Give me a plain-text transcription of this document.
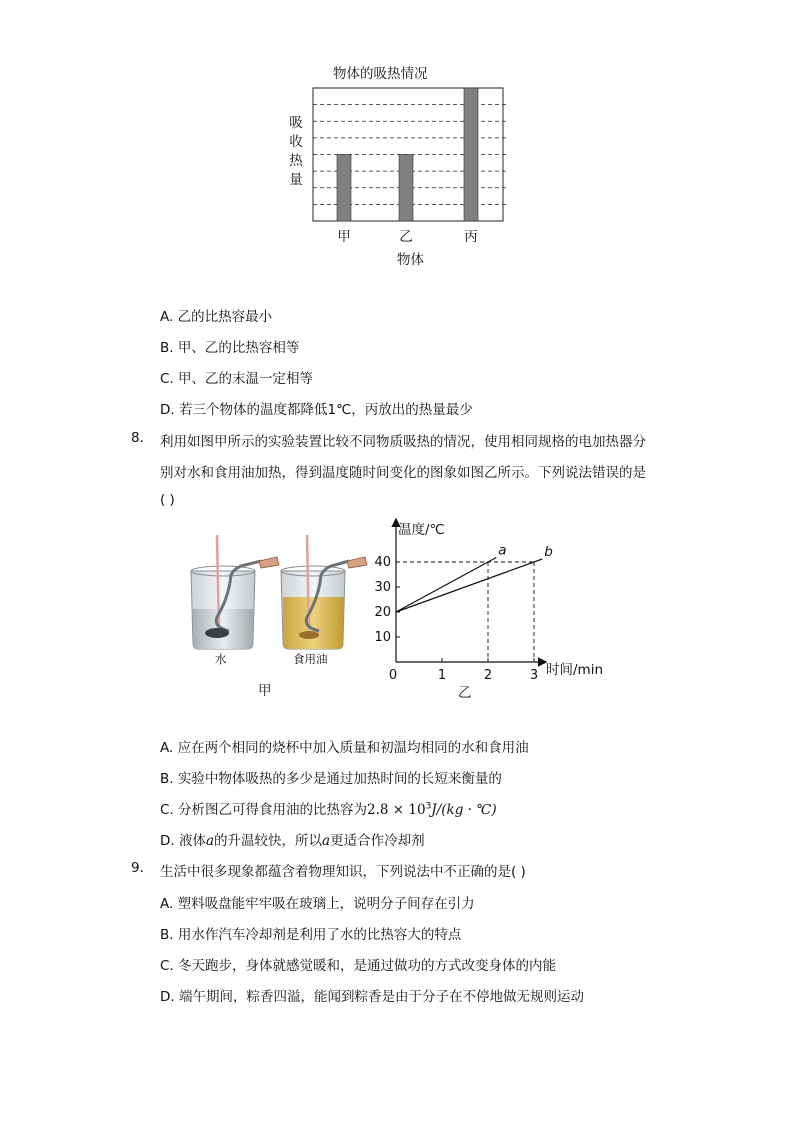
物体的吸热情况
吸
收
热
量
甲	乙	丙
物体
A. 乙的比热容最小
B. 甲、乙的比热容相等
C. 甲、乙的末温一定相等
D. 若三个物体的温度都降低1℃，丙放出的热量最少
8. 利用如图甲所示的实验装置比较不同物质吸热的情况，使用相同规格的电加热器分
别对水和食用油加热，得到温度随时间变化的图象如图乙所示。下列说法错误的是
( )
水	食用油
甲
温度/℃
时间/min
0	1	2	3
10
20
30
40
a	b
乙
A. 应在两个相同的烧杯中加入质量和初温均相同的水和食用油
B. 实验中物体吸热的多少是通过加热时间的长短来衡量的
C. 分析图乙可得食用油的比热容为$2.8 \times 10^3J/(kg$ · ℃)
D. 液体a的升温较快，所以a更适合作冷却剂
9. 生活中很多现象都蕴含着物理知识，下列说法中不正确的是( )
A. 塑料吸盘能牢牢吸在玻璃上，说明分子间存在引力
B. 用水作汽车冷却剂是利用了水的比热容大的特点
C. 冬天跑步，身体就感觉暖和，是通过做功的方式改变身体的内能
D. 端午期间，粽香四溢，能闻到粽香是由于分子在不停地做无规则运动
